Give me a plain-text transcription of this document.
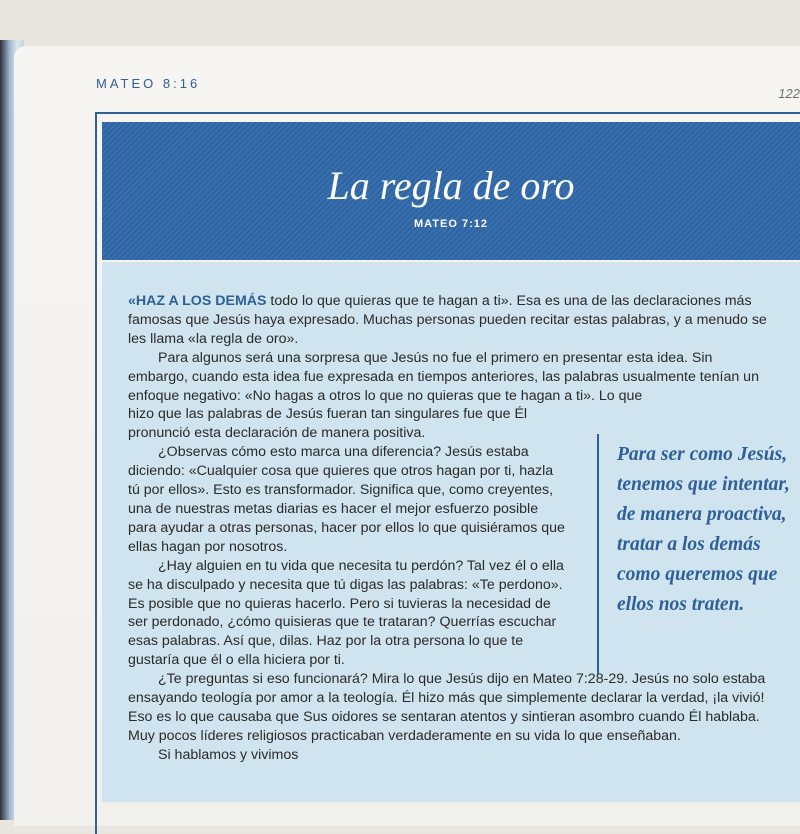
MATEO 8:16
122
La regla de oro
MATEO 7:12

«HAZ A LOS DEMÁS todo lo que quieras que te hagan a ti». Esa es una de las declaraciones más famosas que Jesús haya expresado. Muchas personas pueden recitar estas palabras, y a menudo se les llama «la regla de oro».

Para algunos será una sorpresa que Jesús no fue el primero en presentar esta idea. Sin embargo, cuando esta idea fue expresada en tiempos anteriores, las palabras usualmente tenían un enfoque negativo: «No hagas a otros lo que no quieras que te hagan a ti». Lo que

hizo que las palabras de Jesús fueran tan singulares fue que Él pronunció esta declaración de manera positiva.

¿Observas cómo esto marca una diferencia? Jesús estaba diciendo: «Cualquier cosa que quieres que otros hagan por ti, hazla tú por ellos». Esto es transformador. Significa que, como creyentes, una de nuestras metas diarias es hacer el mejor esfuerzo posible para ayudar a otras personas, hacer por ellos lo que quisiéramos que ellas hagan por nosotros.

¿Hay alguien en tu vida que necesita tu perdón? Tal vez él o ella se ha disculpado y necesita que tú digas las palabras: «Te perdono». Es posible que no quieras hacerlo. Pero si tuvieras la necesidad de ser perdonado, ¿cómo quisieras que te trataran? Querrías escuchar esas palabras. Así que, dilas. Haz por la otra persona lo que te gustaría que él o ella hiciera por ti.

¿Te preguntas si eso funcionará? Mira lo que Jesús dijo en Mateo 7:28-29. Jesús no solo estaba ensayando teología por amor a la teología. Él hizo más que simplemente declarar la verdad, ¡la vivió! Eso es lo que causaba que Sus oidores se sentaran atentos y sintieran asombro cuando Él hablaba. Muy pocos líderes religiosos practicaban verdaderamente en su vida lo que enseñaban.

Si hablamos y vivimos

Para ser como Jesús, tenemos que intentar, de manera proactiva, tratar a los demás como queremos que ellos nos traten.
